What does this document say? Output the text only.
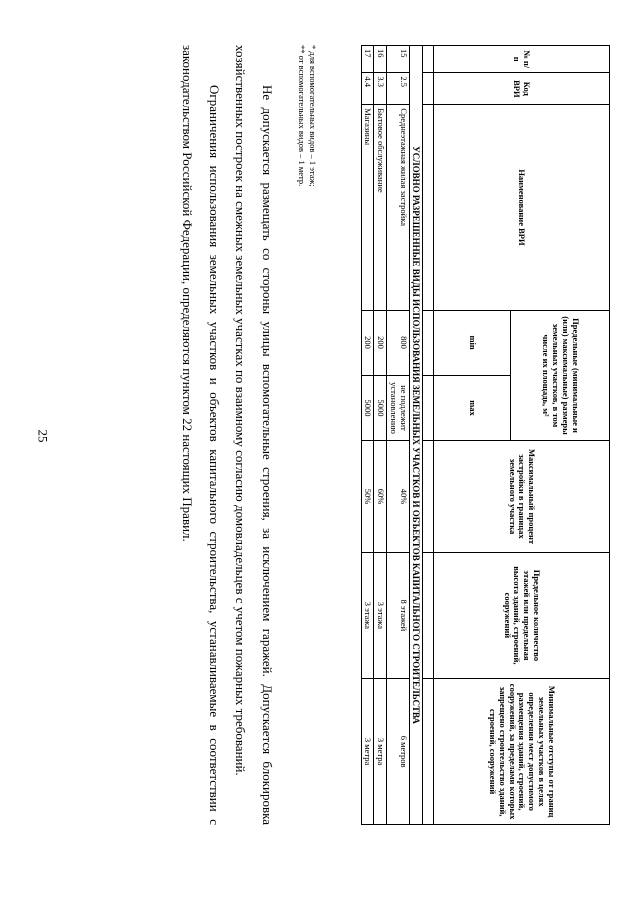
25
№ п/п	Код ВРИ	Наименование ВРИ	Предельные (минимальные и (или) максимальные) размеры земельных участков, в том числе их площадь, м²		Максимальный процент застройки в границах земельного участка	Предельное количество этажей или предельная высота зданий, строений, сооружений	Минимальные отступы от границ земельных участков в целях определения мест допустимого размещения зданий, строений, сооружений, за пределами которых запрещено строительство зданий, строений, сооружений
			min	max			

УСЛОВНО РАЗРЕШЕННЫЕ ВИДЫ ИСПОЛЬЗОВАНИЯ ЗЕМЕЛЬНЫХ УЧАСТКОВ И ОБЪЕКТОВ КАПИТАЛЬНОГО СТРОИТЕЛЬСТВА							
15	2.5	Среднеэтажная жилая застройка	800	не подлежит установлению	40%	8 этажей	6 метров
16	3.3	Бытовое обслуживание	200	5000	60%	3 этажа	3 метра
17	4.4	Магазины	200	5000	50%	3 этажа	3 метра
* для вспомогательных видов – 1 этаж;
** от вспомогательных видов – 1 метр.

Не допускается размещать со стороны улицы вспомогательные строения, за исключением гаражей. Допускается блокировка хозяйственных построек на смежных земельных участках по взаимному согласию домовладельцев с учетом пожарных требований.

Ограничения использования земельных участков и объектов капитального строительства, устанавливаемые в соответствии с законодательством Российской Федерации, определяются пунктом 22 настоящих Правил.
